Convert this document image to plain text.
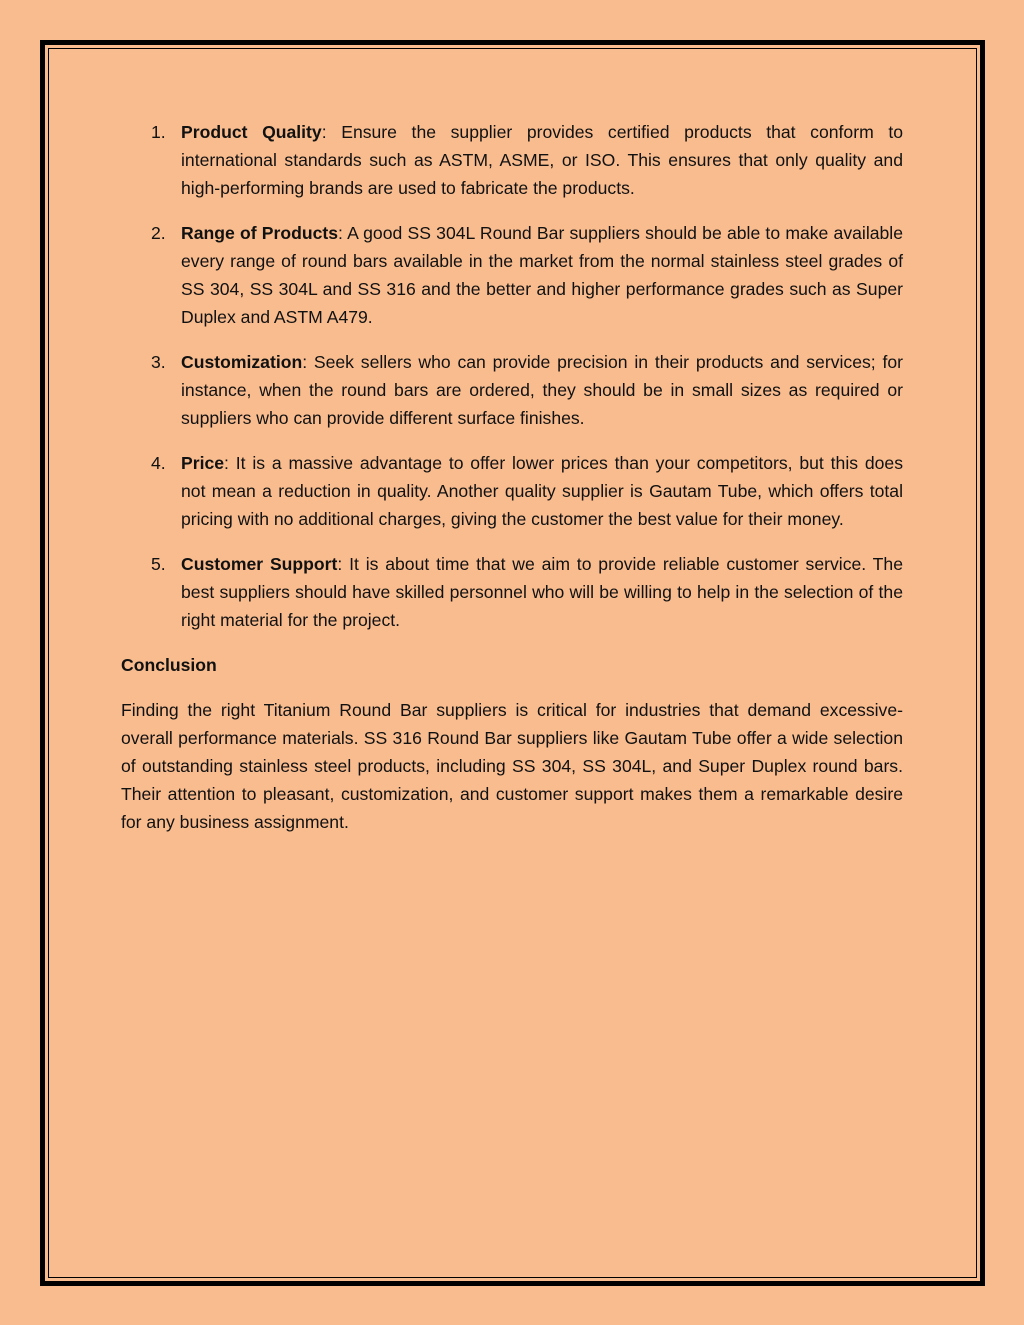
1. Product Quality: Ensure the supplier provides certified products that conform to international standards such as ASTM, ASME, or ISO. This ensures that only quality and high-performing brands are used to fabricate the products.
2. Range of Products: A good SS 304L Round Bar suppliers should be able to make available every range of round bars available in the market from the normal stainless steel grades of SS 304, SS 304L and SS 316 and the better and higher performance grades such as Super Duplex and ASTM A479.
3. Customization: Seek sellers who can provide precision in their products and services; for instance, when the round bars are ordered, they should be in small sizes as required or suppliers who can provide different surface finishes.
4. Price: It is a massive advantage to offer lower prices than your competitors, but this does not mean a reduction in quality. Another quality supplier is Gautam Tube, which offers total pricing with no additional charges, giving the customer the best value for their money.
5. Customer Support: It is about time that we aim to provide reliable customer service. The best suppliers should have skilled personnel who will be willing to help in the selection of the right material for the project.
Conclusion

Finding the right Titanium Round Bar suppliers is critical for industries that demand excessive-overall performance materials. SS 316 Round Bar suppliers like Gautam Tube offer a wide selection of outstanding stainless steel products, including SS 304, SS 304L, and Super Duplex round bars. Their attention to pleasant, customization, and customer support makes them a remarkable desire for any business assignment.
